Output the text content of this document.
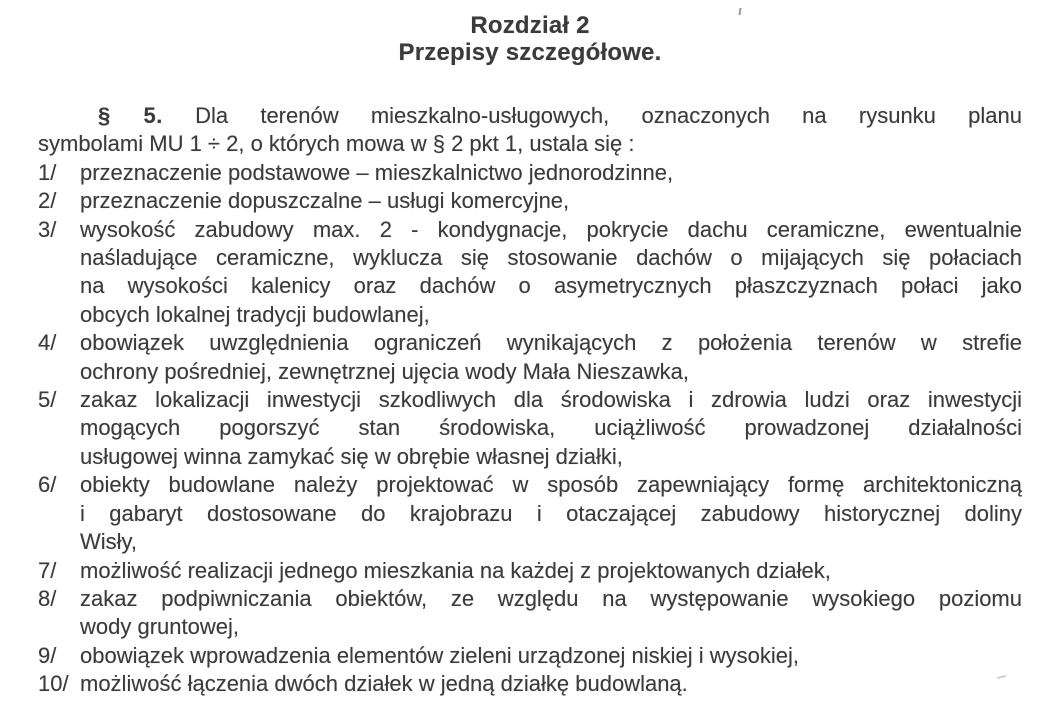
Rozdział 2
Przepisy szczegółowe.
§ 5. Dla terenów mieszkalno-usługowych, oznaczonych na rysunku planu
symbolami MU 1 ÷ 2, o których mowa w § 2 pkt 1, ustala się :
1/	przeznaczenie podstawowe – mieszkalnictwo jednorodzinne,
2/	przeznaczenie dopuszczalne – usługi komercyjne,
3/	wysokość zabudowy max. 2 - kondygnacje, pokrycie dachu ceramiczne, ewentualnie
naśladujące ceramiczne, wyklucza się stosowanie dachów o mijających się połaciach
na wysokości kalenicy oraz dachów o asymetrycznych płaszczyznach połaci jako
obcych lokalnej tradycji budowlanej,
4/	obowiązek uwzględnienia ograniczeń wynikających z położenia terenów w strefie
ochrony pośredniej, zewnętrznej ujęcia wody Mała Nieszawka,
5/	zakaz lokalizacji inwestycji szkodliwych dla środowiska i zdrowia ludzi oraz inwestycji
mogących pogorszyć stan środowiska, uciążliwość prowadzonej działalności
usługowej winna zamykać się w obrębie własnej działki,
6/	obiekty budowlane należy projektować w sposób zapewniający formę architektoniczną
i gabaryt dostosowane do krajobrazu i otaczającej zabudowy historycznej doliny
Wisły,
7/	możliwość realizacji jednego mieszkania na każdej z projektowanych działek,
8/	zakaz podpiwniczania obiektów, ze względu na występowanie wysokiego poziomu
wody gruntowej,
9/	obowiązek wprowadzenia elementów zieleni urządzonej niskiej i wysokiej,
10/ możliwość łączenia dwóch działek w jedną działkę budowlaną.
